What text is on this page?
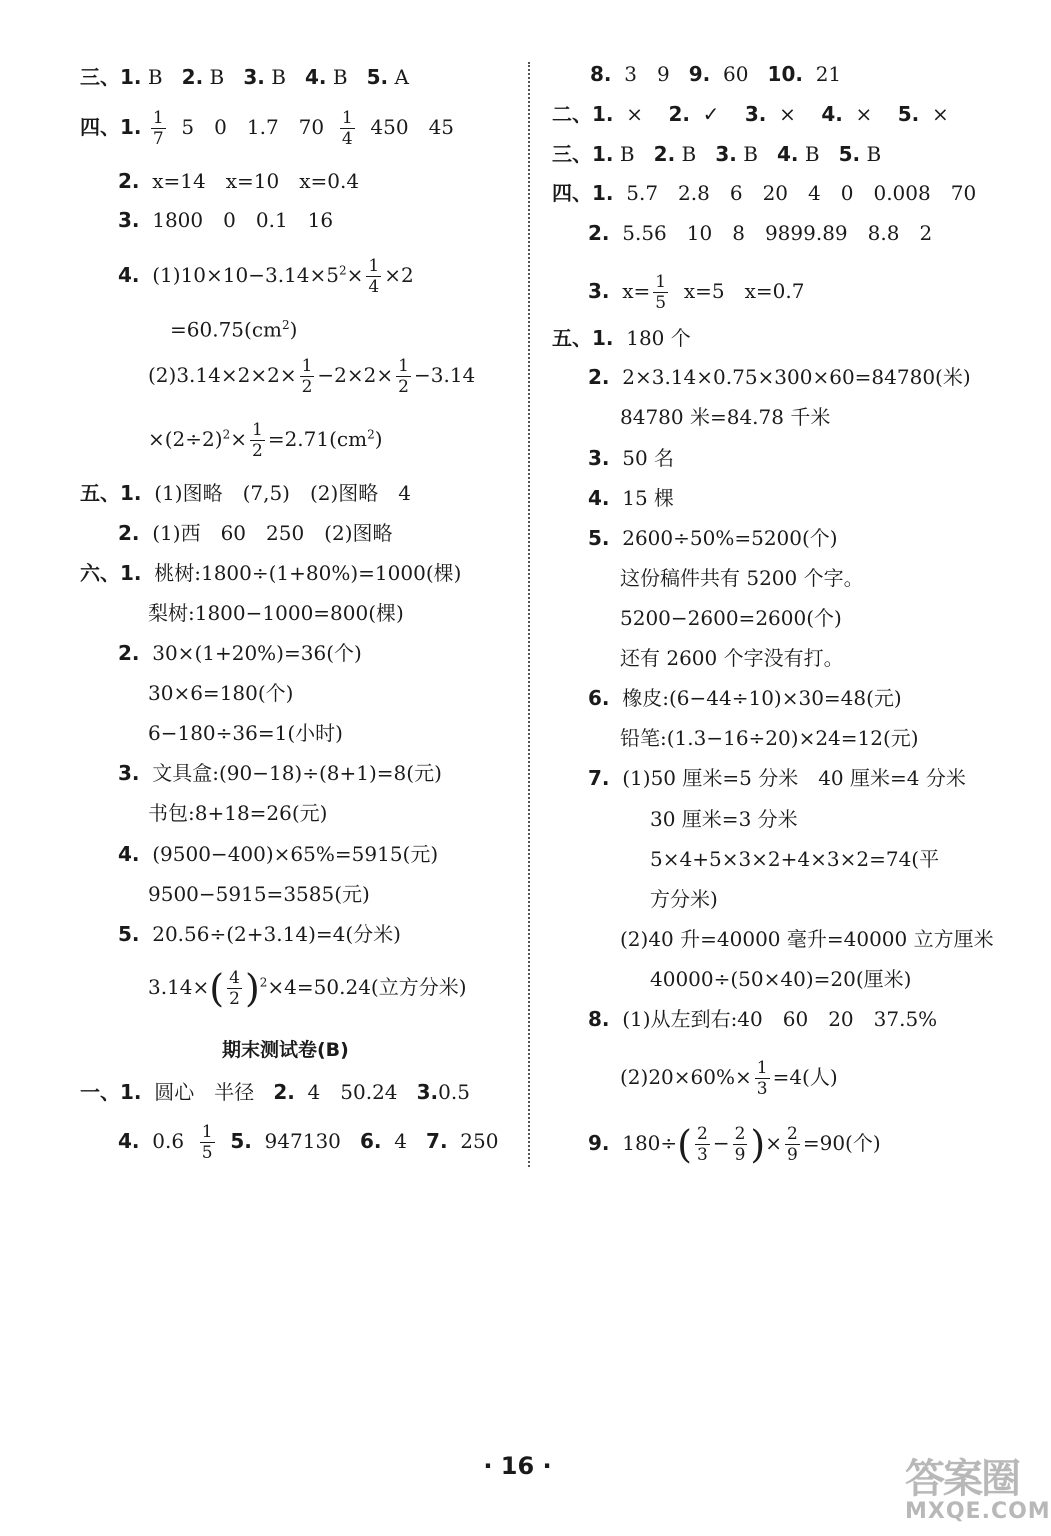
三、1. B 2. B 3. B 4. B 5. A
四、1. $\frac{1}{7} 5$　0　1.7　$70 \frac{1}{4} 450$　45
2. x=14　x=10　x=0.4
3. 1800　0　0.1　16
4. $(1)10\times 10-3.14\times 5^2\times \frac{1}{4} \times 2$
$=60.75(cm^2)$
$(2)3.14\times 2\times 2\times \frac{1}{2} -2\times 2\times \frac{1}{2} -3.14$
$\times(2\div 2)^2\times \frac{1}{2} =2.71(cm^2)$
五、1. (1)图略　(7,5)　(2)图略　4
2. (1)西　60　250　(2)图略
六、1. 桃树:1800÷(1+80%)=1000(棵)
梨树:1800−1000=800(棵)
2. 30×(1+20%)=36(个)
30×6=180(个)
6−180÷36=1(小时)
3. 文具盒:(90−18)÷(8+1)=8(元)
书包:8+18=26(元)
4. (9500−400)×65%=5915(元)
9500−5915=3585(元)
5. 20.56÷(2+3.14)=4(分米)
$3.14\times( \frac{4}{2} )^2\times 4=50.24$(立方分米)
期末测试卷(B)
一、1. 圆心　半径 2. 4　50.24 3.0.5
4. $0.6 \frac{1}{5} 5$. 947130 6. 4 7. 250
8. 3　9 9. 60 10. 21
二、1. × 2. ✓ 3. × 4. × 5. ×
三、1. B 2. B 3. B 4. B 5. B
四、1. 5.7　2.8　6　20　4　0　0.008　70
2. 5.56　10　8　9899.89　8.8　2
3. $x= \frac{1}{5} x=5$　x=0.7
五、1. 180 个
2. 2×3.14×0.75×300×60=84780(米)
84780 米=84.78 千米
3. 50 名
4. 15 棵
5. 2600÷50%=5200(个)
这份稿件共有 5200 个字。
5200−2600=2600(个)
还有 2600 个字没有打。
6. 橡皮:(6−44÷10)×30=48(元)
铅笔:(1.3−16÷20)×24=12(元)
7. (1)50 厘米=5 分米　40 厘米=4 分米
30 厘米=3 分米
5×4+5×3×2+4×3×2=74(平
方分米)
(2)40 升=40000 毫升=40000 立方厘米
40000÷(50×40)=20(厘米)
8. (1)从左到右:40　60　20　37.5%
$(2)20\times 60\%\times \frac{1}{3} =4$(人)
9. $180\div( \frac{2}{3} - \frac{2}{9}$ )× $\frac{2}{9} =90$(个)
· 16 ·	答案圈
MXQE.COM
